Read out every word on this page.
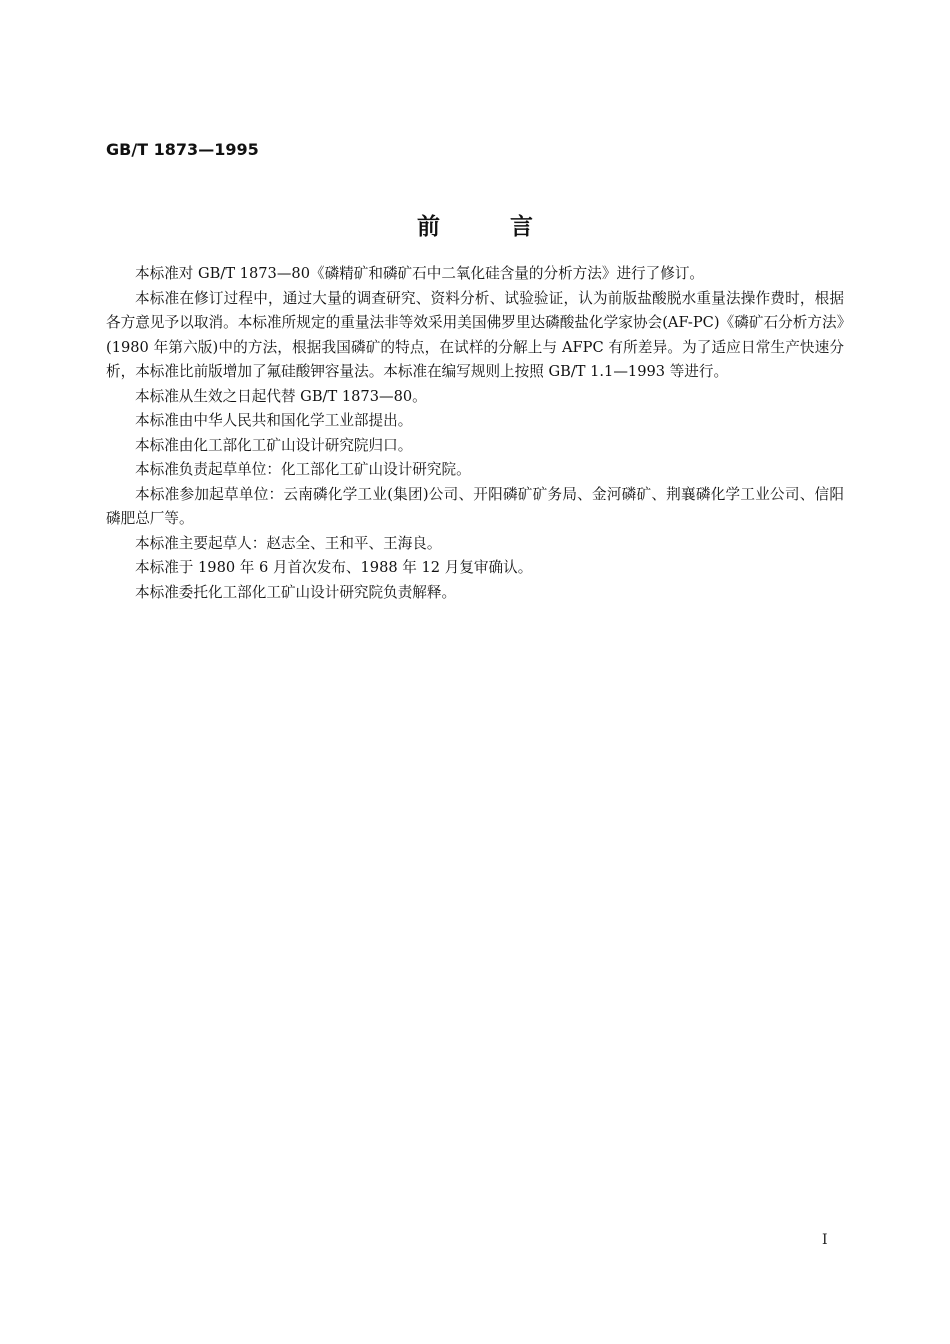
GB/T 1873—1995
前	言

本标准对 GB/T 1873—80《磷精矿和磷矿石中二氧化硅含量的分析方法》进行了修订。

本标准在修订过程中，通过大量的调查研究、资料分析、试验验证，认为前版盐酸脱水重量法操作费时，根据各方意见予以取消。本标准所规定的重量法非等效采用美国佛罗里达磷酸盐化学家协会(AF-PC)《磷矿石分析方法》(1980 年第六版)中的方法，根据我国磷矿的特点，在试样的分解上与 AFPC 有所差异。为了适应日常生产快速分析，本标准比前版增加了氟硅酸钾容量法。本标准在编写规则上按照 GB/T 1.1—1993 等进行。

本标准从生效之日起代替 GB/T 1873—80。

本标准由中华人民共和国化学工业部提出。

本标准由化工部化工矿山设计研究院归口。

本标准负责起草单位：化工部化工矿山设计研究院。

本标准参加起草单位：云南磷化学工业(集团)公司、开阳磷矿矿务局、金河磷矿、荆襄磷化学工业公司、信阳磷肥总厂等。

本标准主要起草人：赵志全、王和平、王海良。

本标准于 1980 年 6 月首次发布、1988 年 12 月复审确认。

本标准委托化工部化工矿山设计研究院负责解释。

I
